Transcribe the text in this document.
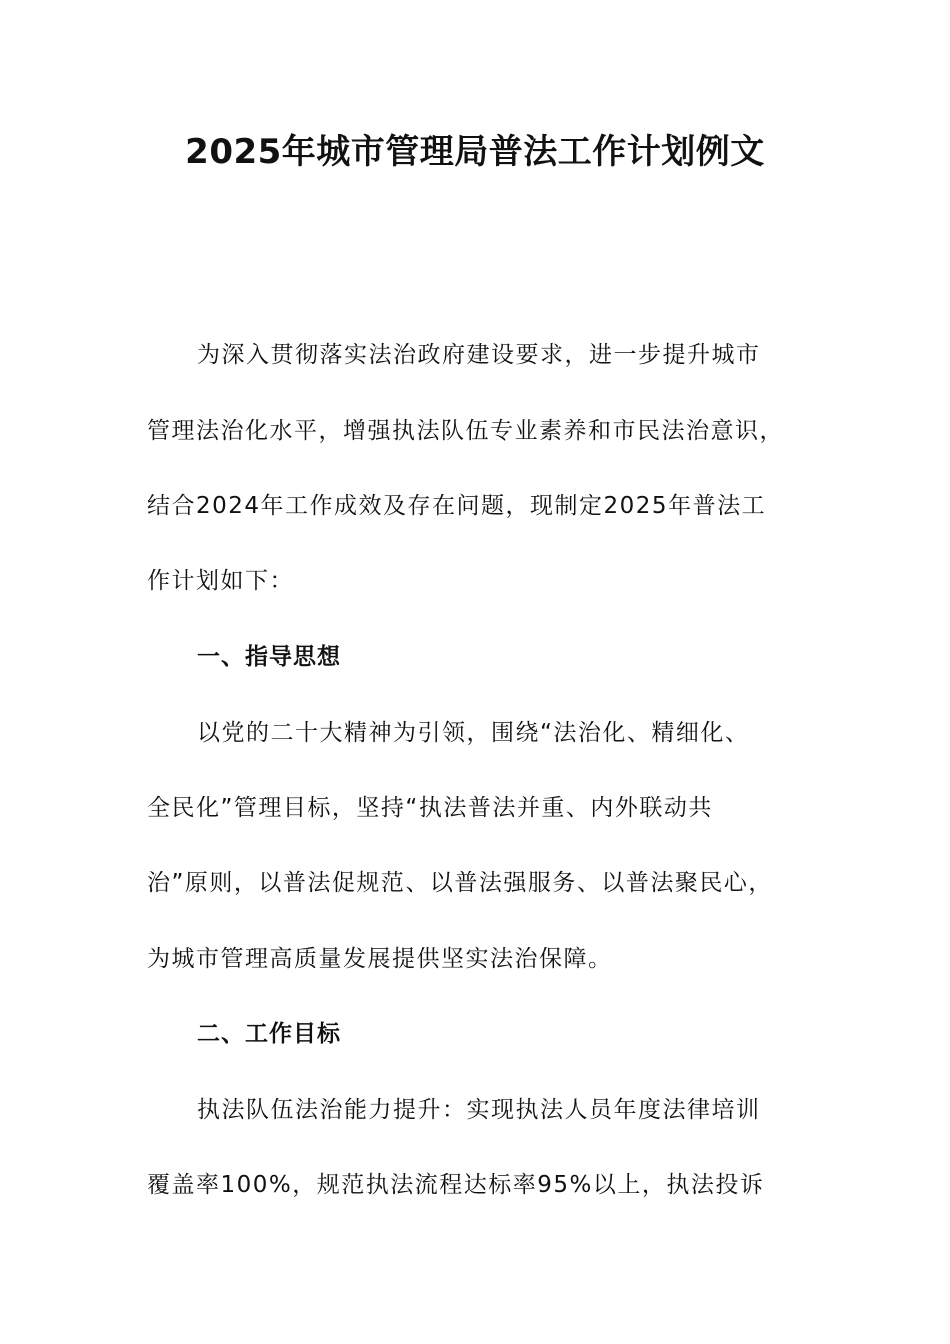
2025年城市管理局普法工作计划例文
为深入贯彻落实法治政府建设要求，进一步提升城市
管理法治化水平，增强执法队伍专业素养和市民法治意识，
结合2024年工作成效及存在问题，现制定2025年普法工
作计划如下：
一、指导思想
以党的二十大精神为引领，围绕“法治化、精细化、
全民化”管理目标，坚持“执法普法并重、内外联动共
治”原则，以普法促规范、以普法强服务、以普法聚民心，
为城市管理高质量发展提供坚实法治保障。
二、工作目标
执法队伍法治能力提升：实现执法人员年度法律培训
覆盖率100%，规范执法流程达标率95%以上，执法投诉
